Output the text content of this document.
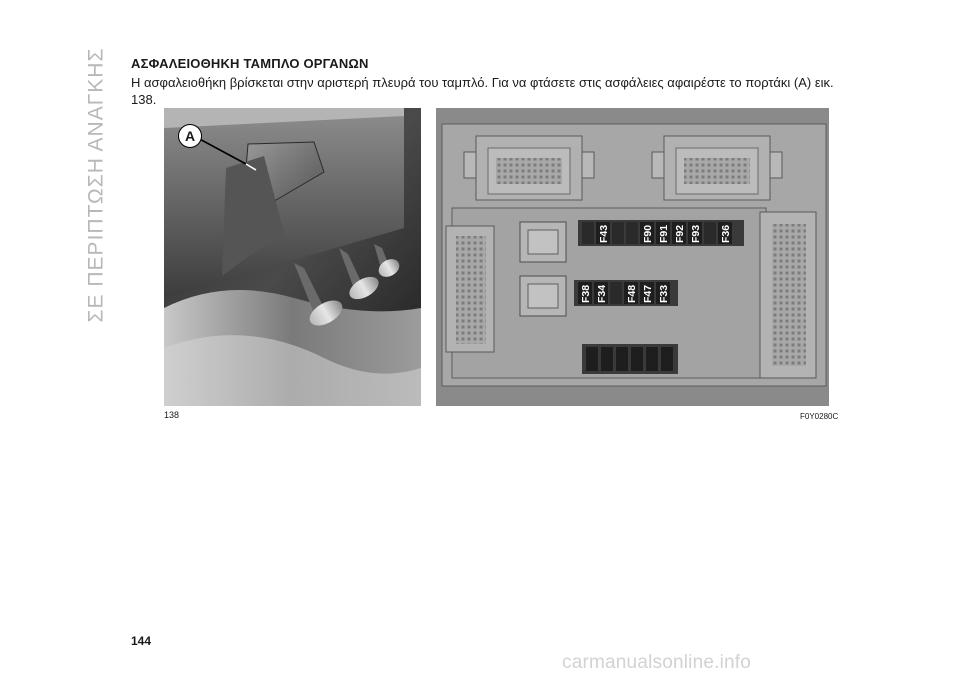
ΣΕ ΠΕΡΙΠΤΩΣΗ ΑΝΑΓΚΗΣ ΑΣΦΑΛΕΙΟΘΗΚΗ ΤΑΜΠΛΟ ΟΡΓΑΝΩΝ
Η ασφαλειοθήκη βρίσκεται στην αριστερή πλευρά του ταμπλό. Για να φτάσετε στις ασφάλειες αφαιρέστε το πορτάκι (A) εικ. 138.
A
F43	F90 F91 F92 F93 F36
F38 F34 F48 F47 F33
138	F0Y0280C
144
carmanualsonline.info
